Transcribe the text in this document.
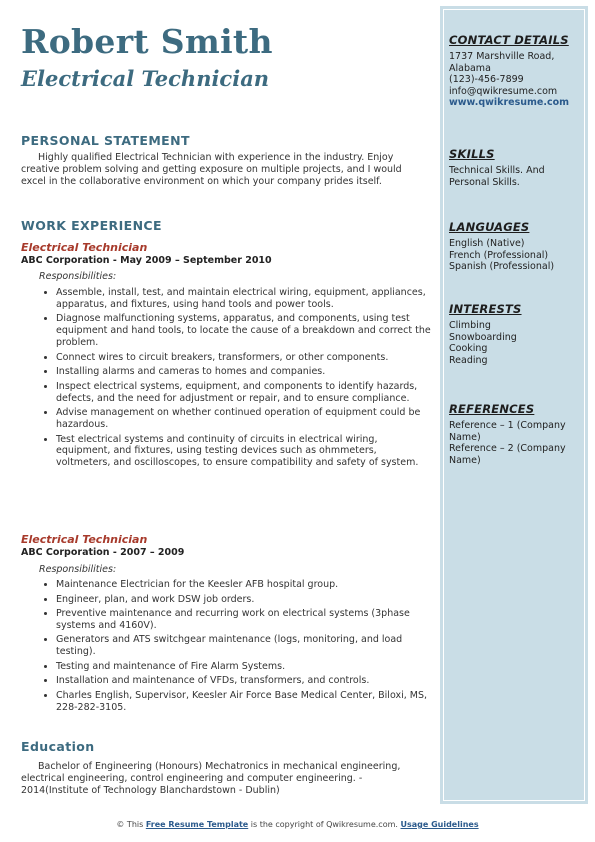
CONTACT DETAILS

1737 Marshville Road, Alabama

(123)-456-7899

info@qwikresume.com

www.qwikresume.com

SKILLS

Technical Skills. And Personal Skills.

LANGUAGES

English (Native)

French (Professional)

Spanish (Professional)

INTERESTS

Climbing

Snowboarding

Cooking

Reading

REFERENCES

Reference – 1 (Company Name)

Reference – 2 (Company Name)

Robert Smith
Electrical Technician
PERSONAL STATEMENT

Highly qualified Electrical Technician with experience in the industry. Enjoy creative problem solving and getting exposure on multiple projects, and I would excel in the collaborative environment on which your company prides itself.

WORK EXPERIENCE

Electrical Technician

ABC Corporation - May 2009 – September 2010

Responsibilities:

• Assemble, install, test, and maintain electrical wiring, equipment, appliances, apparatus, and fixtures, using hand tools and power tools.
• Diagnose malfunctioning systems, apparatus, and components, using test equipment and hand tools, to locate the cause of a breakdown and correct the problem.
• Connect wires to circuit breakers, transformers, or other components.
• Installing alarms and cameras to homes and companies.
• Inspect electrical systems, equipment, and components to identify hazards, defects, and the need for adjustment or repair, and to ensure compliance.
• Advise management on whether continued operation of equipment could be hazardous.
• Test electrical systems and continuity of circuits in electrical wiring, equipment, and fixtures, using testing devices such as ohmmeters, voltmeters, and oscilloscopes, to ensure compatibility and safety of system.

Electrical Technician

ABC Corporation - 2007 – 2009

Responsibilities:

• Maintenance Electrician for the Keesler AFB hospital group.
• Engineer, plan, and work DSW job orders.
• Preventive maintenance and recurring work on electrical systems (3phase systems and 4160V).
• Generators and ATS switchgear maintenance (logs, monitoring, and load testing).
• Testing and maintenance of Fire Alarm Systems.
• Installation and maintenance of VFDs, transformers, and controls.
• Charles English, Supervisor, Keesler Air Force Base Medical Center, Biloxi, MS, 228-282-3105.
Education

Bachelor of Engineering (Honours) Mechatronics in mechanical engineering, electrical engineering, control engineering and computer engineering. - 2014(Institute of Technology Blanchardstown - Dublin)

© This Free Resume Template is the copyright of Qwikresume.com. Usage Guidelines
